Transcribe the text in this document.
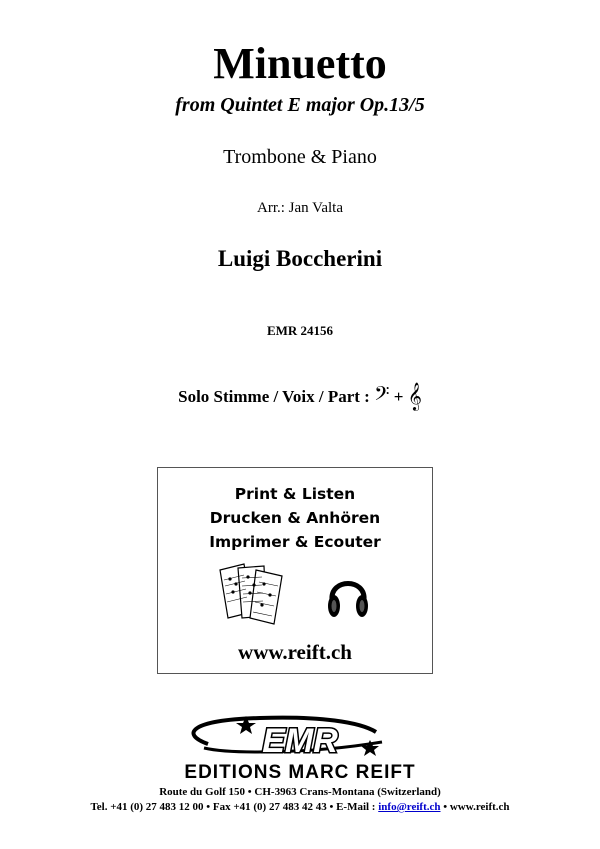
Minuetto
from Quintet E major Op.13/5
Trombone & Piano
Arr.: Jan Valta
Luigi Boccherini
EMR 24156
Solo Stimme / Voix / Part : 𝄢 + 𝄞
Print & Listen
Drucken & Anhören
Imprimer & Ecouter
www.reift.ch
EMR
EDITIONS MARC REIFT
Route du Golf 150 • CH-3963 Crans-Montana (Switzerland)
Tel. +41 (0) 27 483 12 00 • Fax +41 (0) 27 483 42 43 • E-Mail : info@reift.ch • www.reift.ch
